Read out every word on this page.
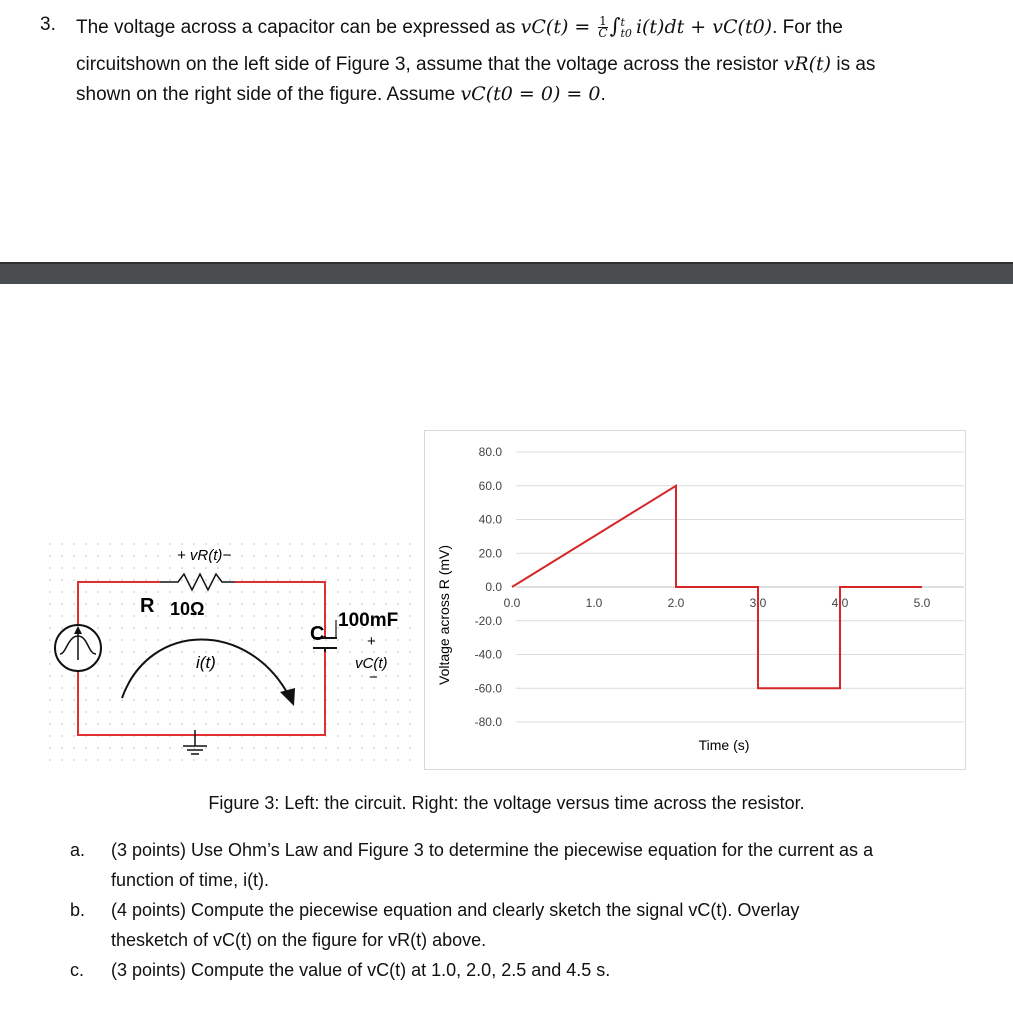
3. The voltage across a capacitor can be expressed as $vC(t) = \frac{1}{C}$ ∫ t
t0 i(t)dt + vC(t0). For the
circuitshown on the left side of Figure 3, assume that the voltage across the resistor vR(t) is as
shown on the right side of the figure. Assume vC(t0 = 0) = 0.
+ vR(t)−
R 10Ω
C
100mF
+
vC(t)
−
i(t)
80.0
60.0
40.0
20.0
0.0
-20.0
-40.0
-60.0
-80.0
0.0	1.0	2.0	3.0	4.0	5.0
Voltage across R (mV)
Time (s)
Figure 3: Left: the circuit. Right: the voltage versus time across the resistor.
a. (3 points) Use Ohm’s Law and Figure 3 to determine the piecewise equation for the current as a
function of time, i(t).
b. (4 points) Compute the piecewise equation and clearly sketch the signal vC(t). Overlay
thesketch of vC(t) on the figure for vR(t) above.
c. (3 points) Compute the value of vC(t) at 1.0, 2.0, 2.5 and 4.5 s.
